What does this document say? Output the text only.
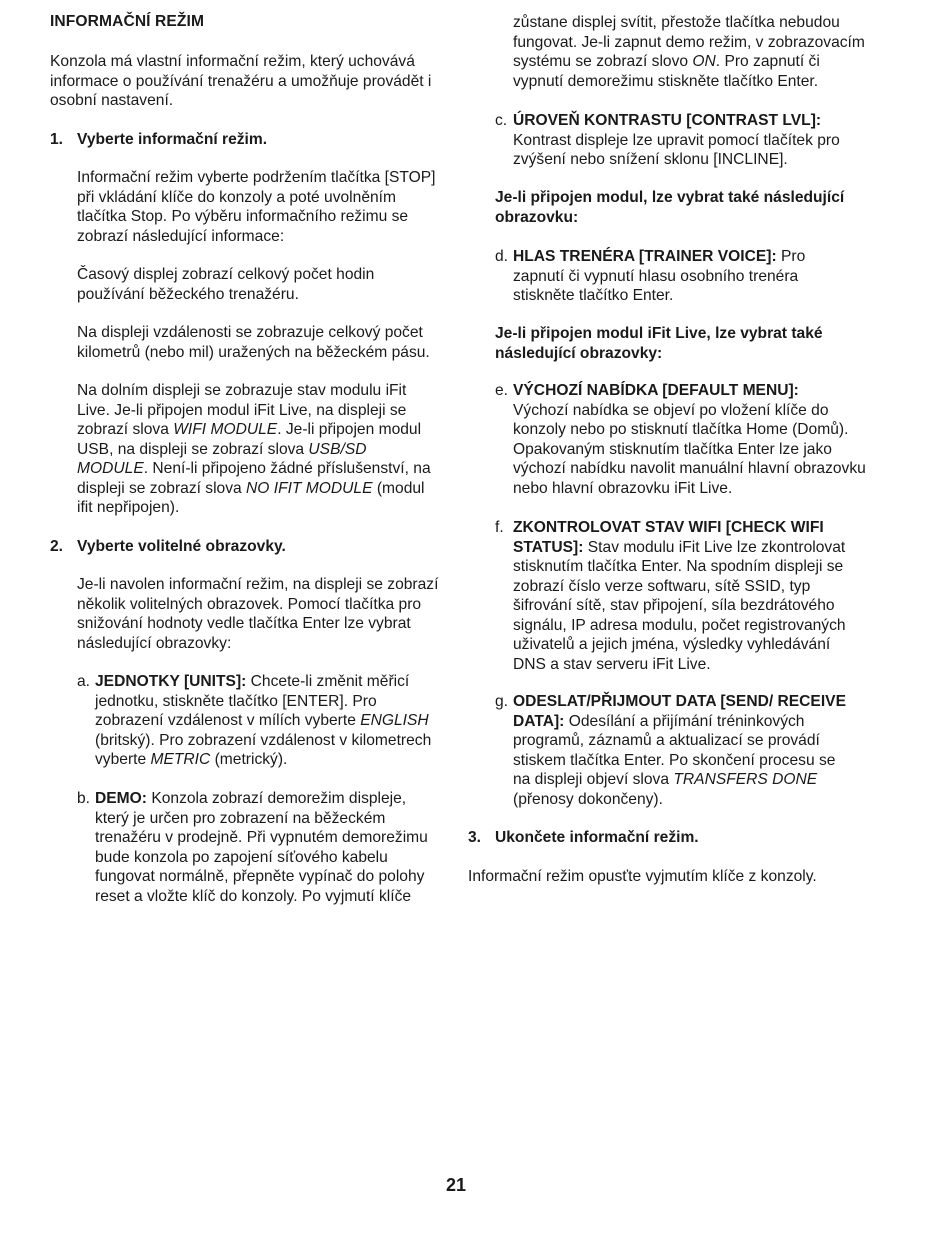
INFORMAČNÍ REŽIM

Konzola má vlastní informační režim, který uchovává informace o používání trenažéru a umožňuje provádět i osobní nastavení.

1. Vyberte informační režim.

Informační režim vyberte podržením tlačítka [STOP] při vkládání klíče do konzoly a poté uvolněním tlačítka Stop. Po výběru informačního režimu se zobrazí následující informace:

Časový displej zobrazí celkový počet hodin používání běžeckého trenažéru.

Na displeji vzdálenosti se zobrazuje celkový počet kilometrů (nebo mil) uražených na běžeckém pásu.

Na dolním displeji se zobrazuje stav modulu iFit Live. Je-li připojen modul iFit Live, na displeji se zobrazí slova WIFI MODULE. Je-li připojen modul USB, na displeji se zobrazí slova USB/SD MODULE. Není-li připojeno žádné příslušenství, na displeji se zobrazí slova NO IFIT MODULE (modul ifit nepřipojen).

2. Vyberte volitelné obrazovky.

Je-li navolen informační režim, na displeji se zobrazí několik volitelných obrazovek. Pomocí tlačítka pro snižování hodnoty vedle tlačítka Enter lze vybrat následující obrazovky:

a. JEDNOTKY [UNITS]: Chcete-li změnit měřicí jednotku, stiskněte tlačítko [ENTER]. Pro zobrazení vzdálenost v mílích vyberte ENGLISH (britský). Pro zobrazení vzdálenost v kilometrech vyberte METRIC (metrický).

b. DEMO: Konzola zobrazí demorežim displeje, který je určen pro zobrazení na běžeckém trenažéru v prodejně. Při vypnutém demorežimu bude konzola po zapojení síťového kabelu fungovat normálně, přepněte vypínač do polohy reset a vložte klíč do konzoly. Po vyjmutí klíče

zůstane displej svítit, přestože tlačítka nebudou fungovat. Je-li zapnut demo režim, v zobrazovacím systému se zobrazí slovo ON. Pro zapnutí či vypnutí demorežimu stiskněte tlačítko Enter.

c. ÚROVEŇ KONTRASTU [CONTRAST LVL]:
Kontrast displeje lze upravit pomocí tlačítek pro zvýšení nebo snížení sklonu [INCLINE].

Je-li připojen modul, lze vybrat také následující obrazovku:

d. HLAS TRENÉRA [TRAINER VOICE]: Pro zapnutí či vypnutí hlasu osobního trenéra stiskněte tlačítko Enter.

Je-li připojen modul iFit Live, lze vybrat také následující obrazovky:

e. VÝCHOZÍ NABÍDKA [DEFAULT MENU]:
Výchozí nabídka se objeví po vložení klíče do konzoly nebo po stisknutí tlačítka Home (Domů). Opakovaným stisknutím tlačítka Enter lze jako výchozí nabídku navolit manuální hlavní obrazovku nebo hlavní obrazovku iFit Live.

f. ZKONTROLOVAT STAV WIFI [CHECK WIFI STATUS]: Stav modulu iFit Live lze zkontrolovat stisknutím tlačítka Enter. Na spodním displeji se zobrazí číslo verze softwaru, sítě SSID, typ šifrování sítě, stav připojení, síla bezdrátového signálu, IP adresa modulu, počet registrovaných uživatelů a jejich jména, výsledky vyhledávání DNS a stav serveru iFit Live.

g. ODESLAT/PŘIJMOUT DATA [SEND/ RECEIVE DATA]: Odesílání a přijímání tréninkových programů, záznamů a aktualizací se provádí stiskem tlačítka Enter. Po skončení procesu se na displeji objeví slova TRANSFERS DONE (přenosy dokončeny).

3. Ukončete informační režim.

Informační režim opusťte vyjmutím klíče z konzoly.

21
